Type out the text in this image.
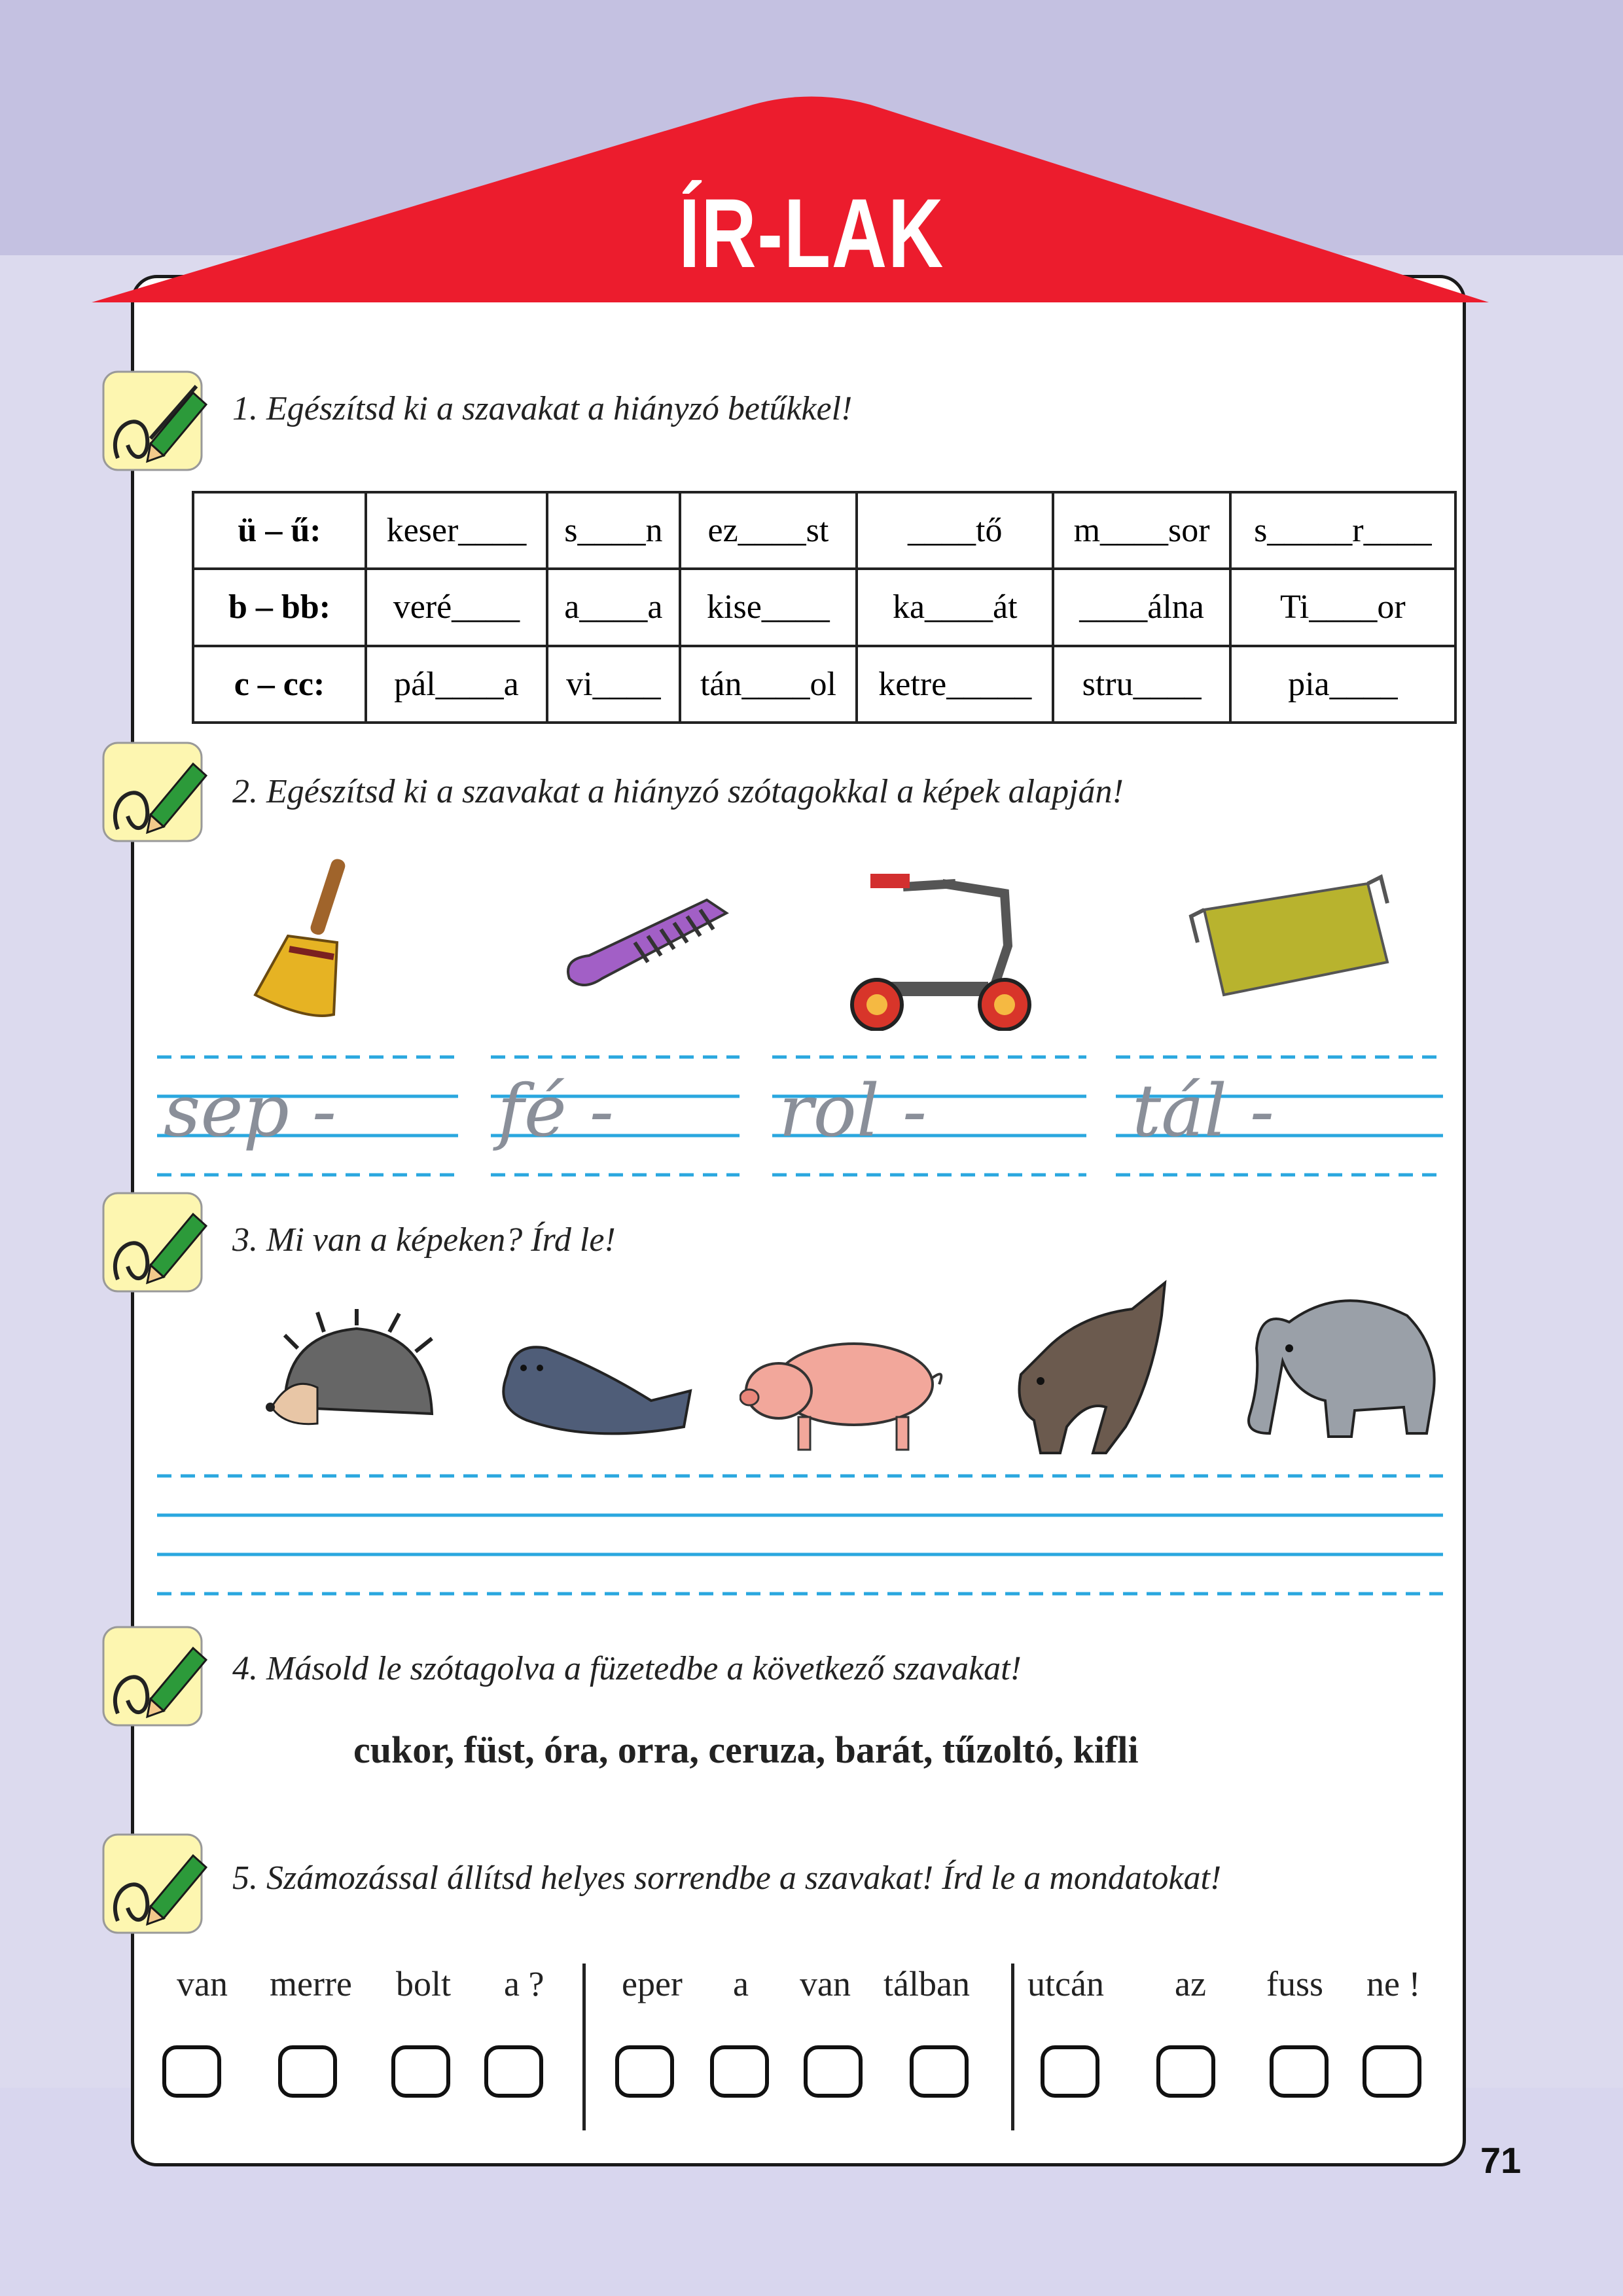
ÍR-LAK
1. Egészítsd ki a szavakat a hiányzó betűkkel!
2. Egészítsd ki a szavakat a hiányzó szótagokkal a képek alapján!
3. Mi van a képeken? Írd le!
4. Másold le szótagolva a füzetedbe a következő szavakat!
5. Számozással állítsd helyes sorrendbe a szavakat! Írd le a mondatokat!
ü – ű:	keser____	s____n	ez____st	____tő	m____sor	s_____r____
b – bb:	veré____	a____a	kise____	ka____át	____álna	Ti____or
c – cc:	pál____a	vi____	tán____ol	ketre_____	stru____	pia____
sep - fé - rol -	tál -
cukor, füst, óra, orra, ceruza, barát, tűzoltó, kifli
van merre bolt a ? eper a van tálban utcán az fuss ne !
71
